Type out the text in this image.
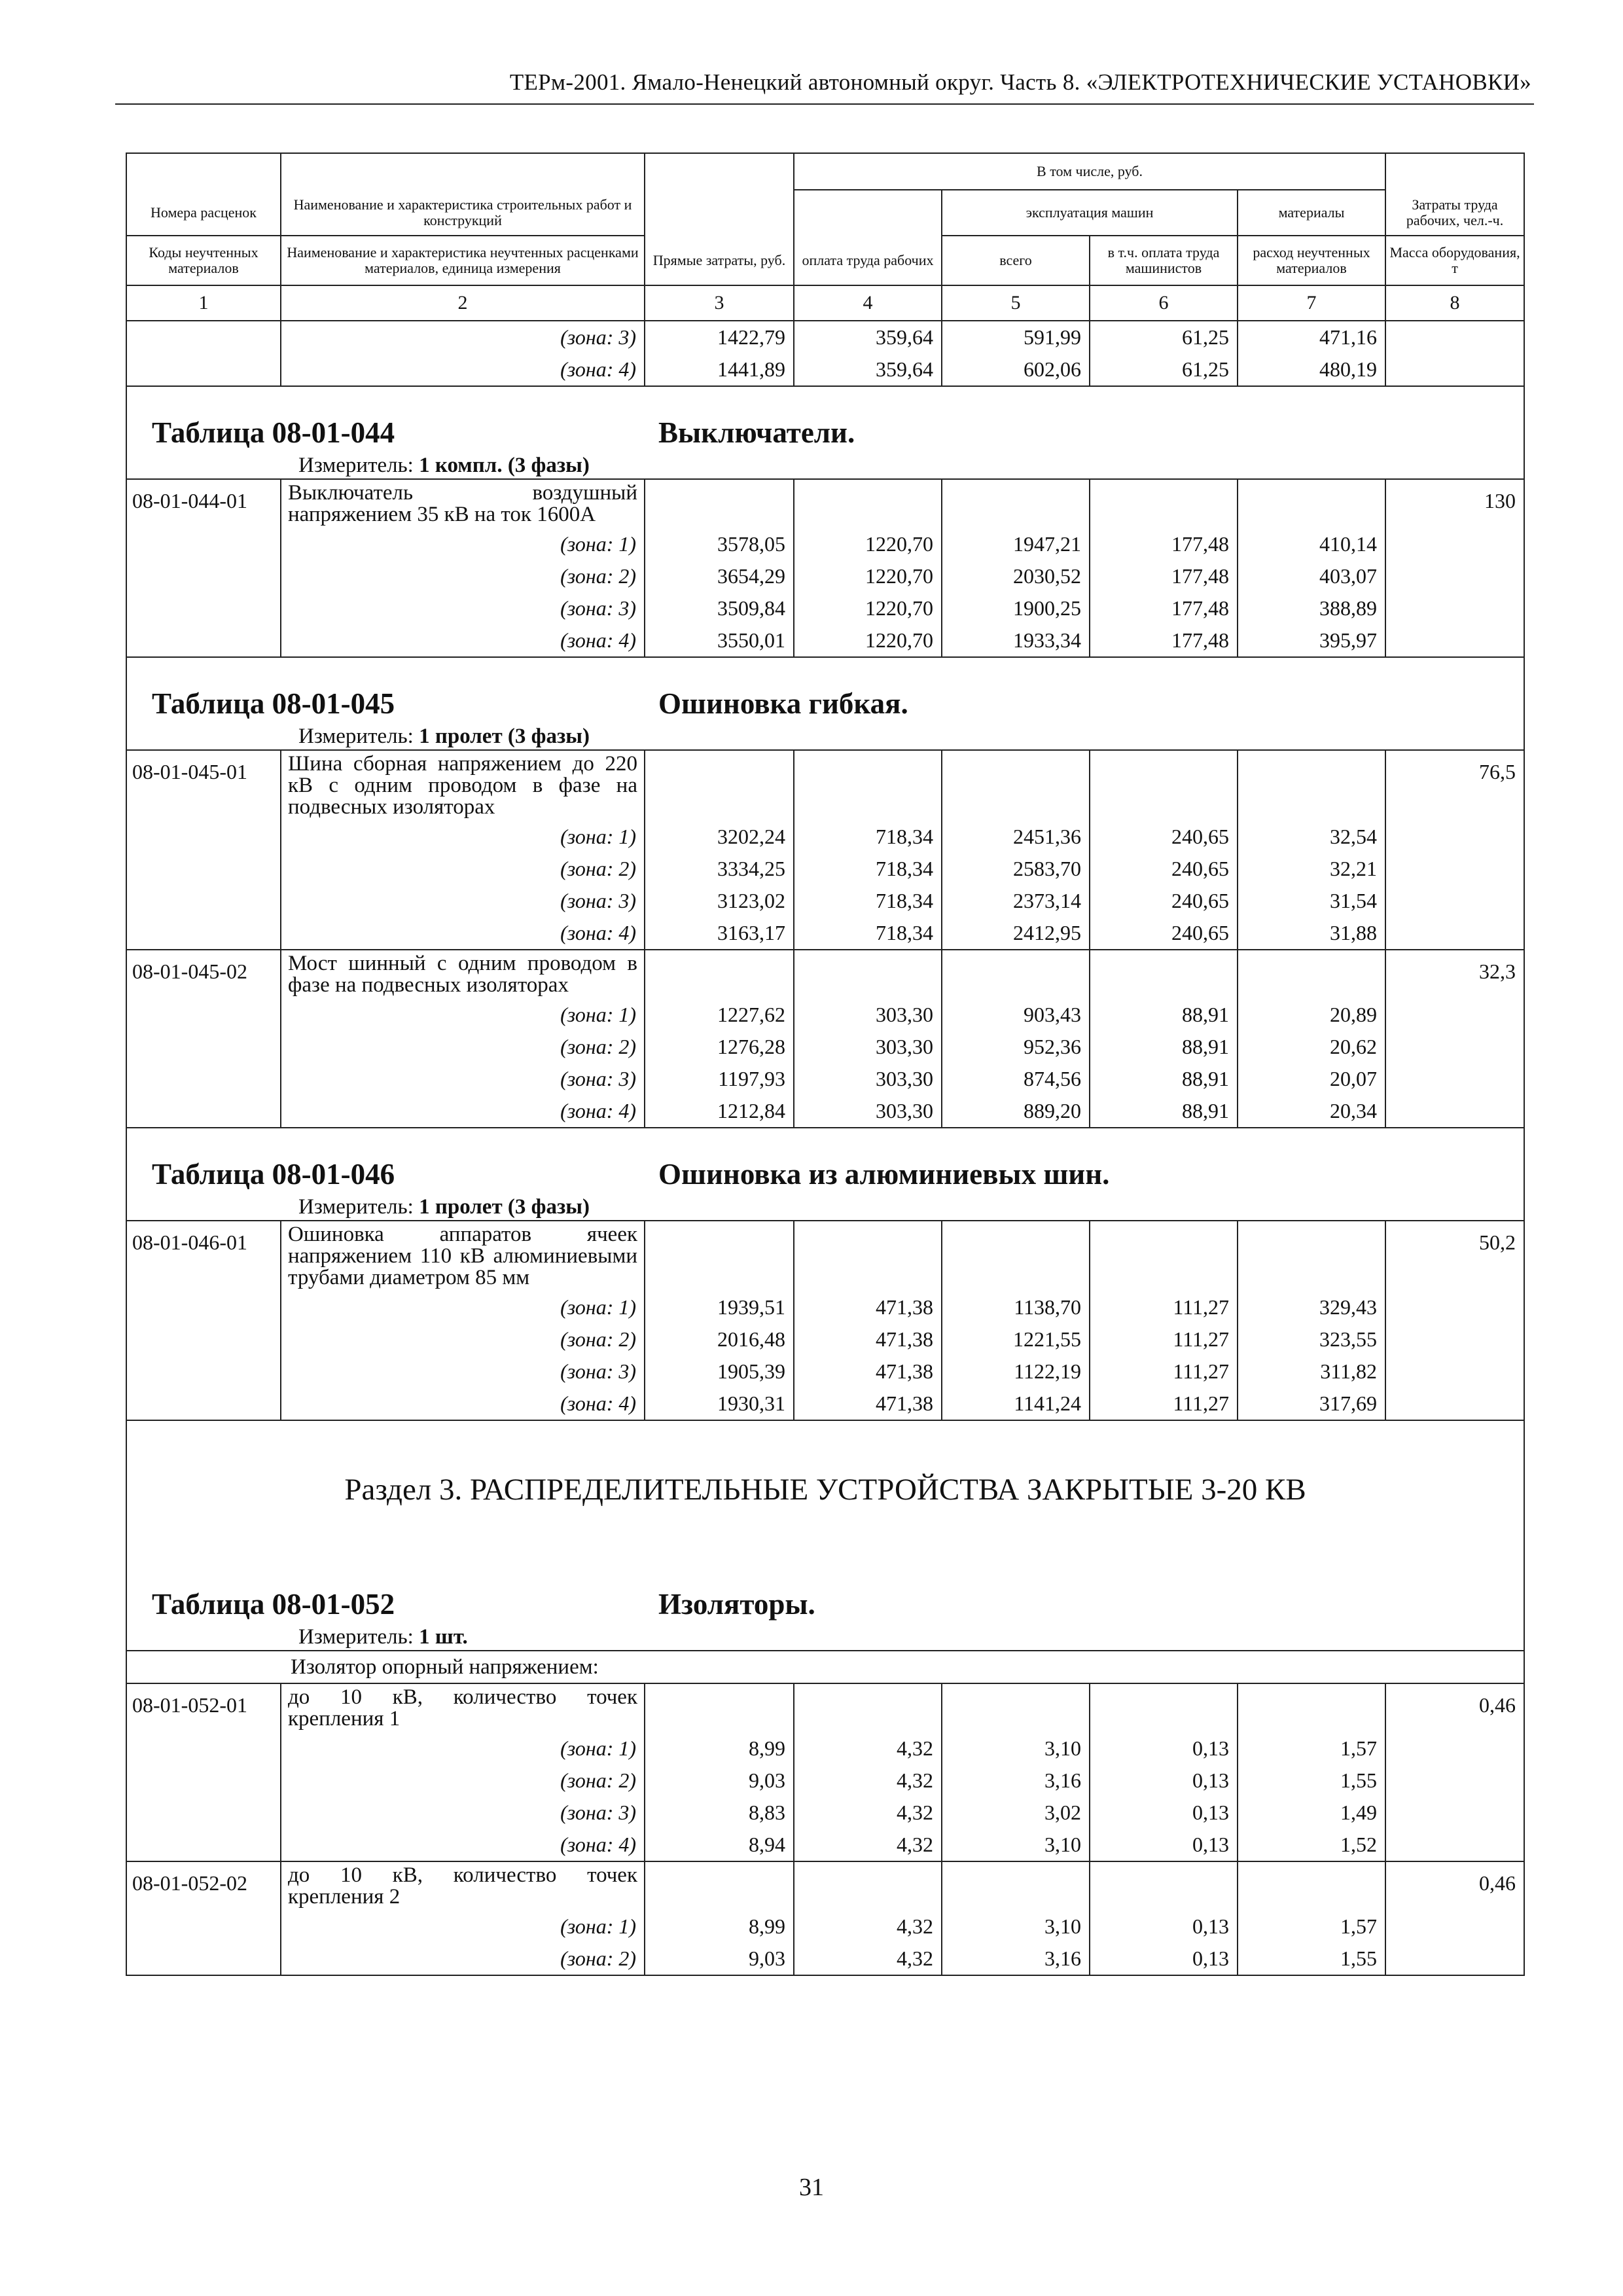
ТЕРм-2001. Ямало-Ненецкий автономный округ. Часть 8. «ЭЛЕКТРОТЕХНИЧЕСКИЕ УСТАНОВКИ»
			В том числе, руб.				
Номера расценок	Наименование и характеристика строительных работ и конструкций			эксплуатация машин		материалы	Затраты труда рабочих, чел.-ч.
Коды неучтенных материалов	Наименование и характеристика неучтенных расценками материалов, единица измерения	Прямые затраты, руб.	оплата труда рабочих	всего	в т.ч. оплата труда машинистов	расход неучтенных материалов	Масса оборудования, т
1	2	3	4	5	6	7	8
	(зона: 3)	1422,79	359,64	591,99	61,25	471,16	
	(зона: 4)	1441,89	359,64	602,06	61,25	480,19	

Таблица 08-01-044 Выключатели.
Измеритель: 1 компл. (3 фазы)							

08-01-044-01	Выключатель воздушный напряжением 35 кВ на ток 1600А						130
	(зона: 1)	3578,05	1220,70	1947,21	177,48	410,14	
	(зона: 2)	3654,29	1220,70	2030,52	177,48	403,07	
	(зона: 3)	3509,84	1220,70	1900,25	177,48	388,89	
	(зона: 4)	3550,01	1220,70	1933,34	177,48	395,97	

Таблица 08-01-045 Ошиновка гибкая.
Измеритель: 1 пролет (3 фазы)							

08-01-045-01	Шина сборная напряжением до 220 кВ с одним проводом в фазе на подвесных изоляторах						76,5
	(зона: 1)	3202,24	718,34	2451,36	240,65	32,54	
	(зона: 2)	3334,25	718,34	2583,70	240,65	32,21	
	(зона: 3)	3123,02	718,34	2373,14	240,65	31,54	
	(зона: 4)	3163,17	718,34	2412,95	240,65	31,88	
08-01-045-02	Мост шинный с одним проводом в фазе на подвесных изоляторах						32,3
	(зона: 1)	1227,62	303,30	903,43	88,91	20,89	
	(зона: 2)	1276,28	303,30	952,36	88,91	20,62	
	(зона: 3)	1197,93	303,30	874,56	88,91	20,07	
	(зона: 4)	1212,84	303,30	889,20	88,91	20,34	

Таблица 08-01-046 Ошиновка из алюминиевых шин.
Измеритель: 1 пролет (3 фазы)							

08-01-046-01	Ошиновка аппаратов ячеек напряжением 110 кВ алюминиевыми трубами диаметром 85 мм						50,2
	(зона: 1)	1939,51	471,38	1138,70	111,27	329,43	
	(зона: 2)	2016,48	471,38	1221,55	111,27	323,55	
	(зона: 3)	1905,39	471,38	1122,19	111,27	311,82	
	(зона: 4)	1930,31	471,38	1141,24	111,27	317,69	
Раздел 3. РАСПРЕДЕЛИТЕЛЬНЫЕ УСТРОЙСТВА ЗАКРЫТЫЕ 3-20 КВ							

Таблица 08-01-052 Изоляторы.
Измеритель: 1 шт.							

Изолятор опорный напряжением:							
08-01-052-01	до 10 кВ, количество точек крепления 1						0,46
	(зона: 1)	8,99	4,32	3,10	0,13	1,57	
	(зона: 2)	9,03	4,32	3,16	0,13	1,55	
	(зона: 3)	8,83	4,32	3,02	0,13	1,49	
	(зона: 4)	8,94	4,32	3,10	0,13	1,52	
08-01-052-02	до 10 кВ, количество точек крепления 2						0,46
	(зона: 1)	8,99	4,32	3,10	0,13	1,57	
	(зона: 2)	9,03	4,32	3,16	0,13	1,55	
31
